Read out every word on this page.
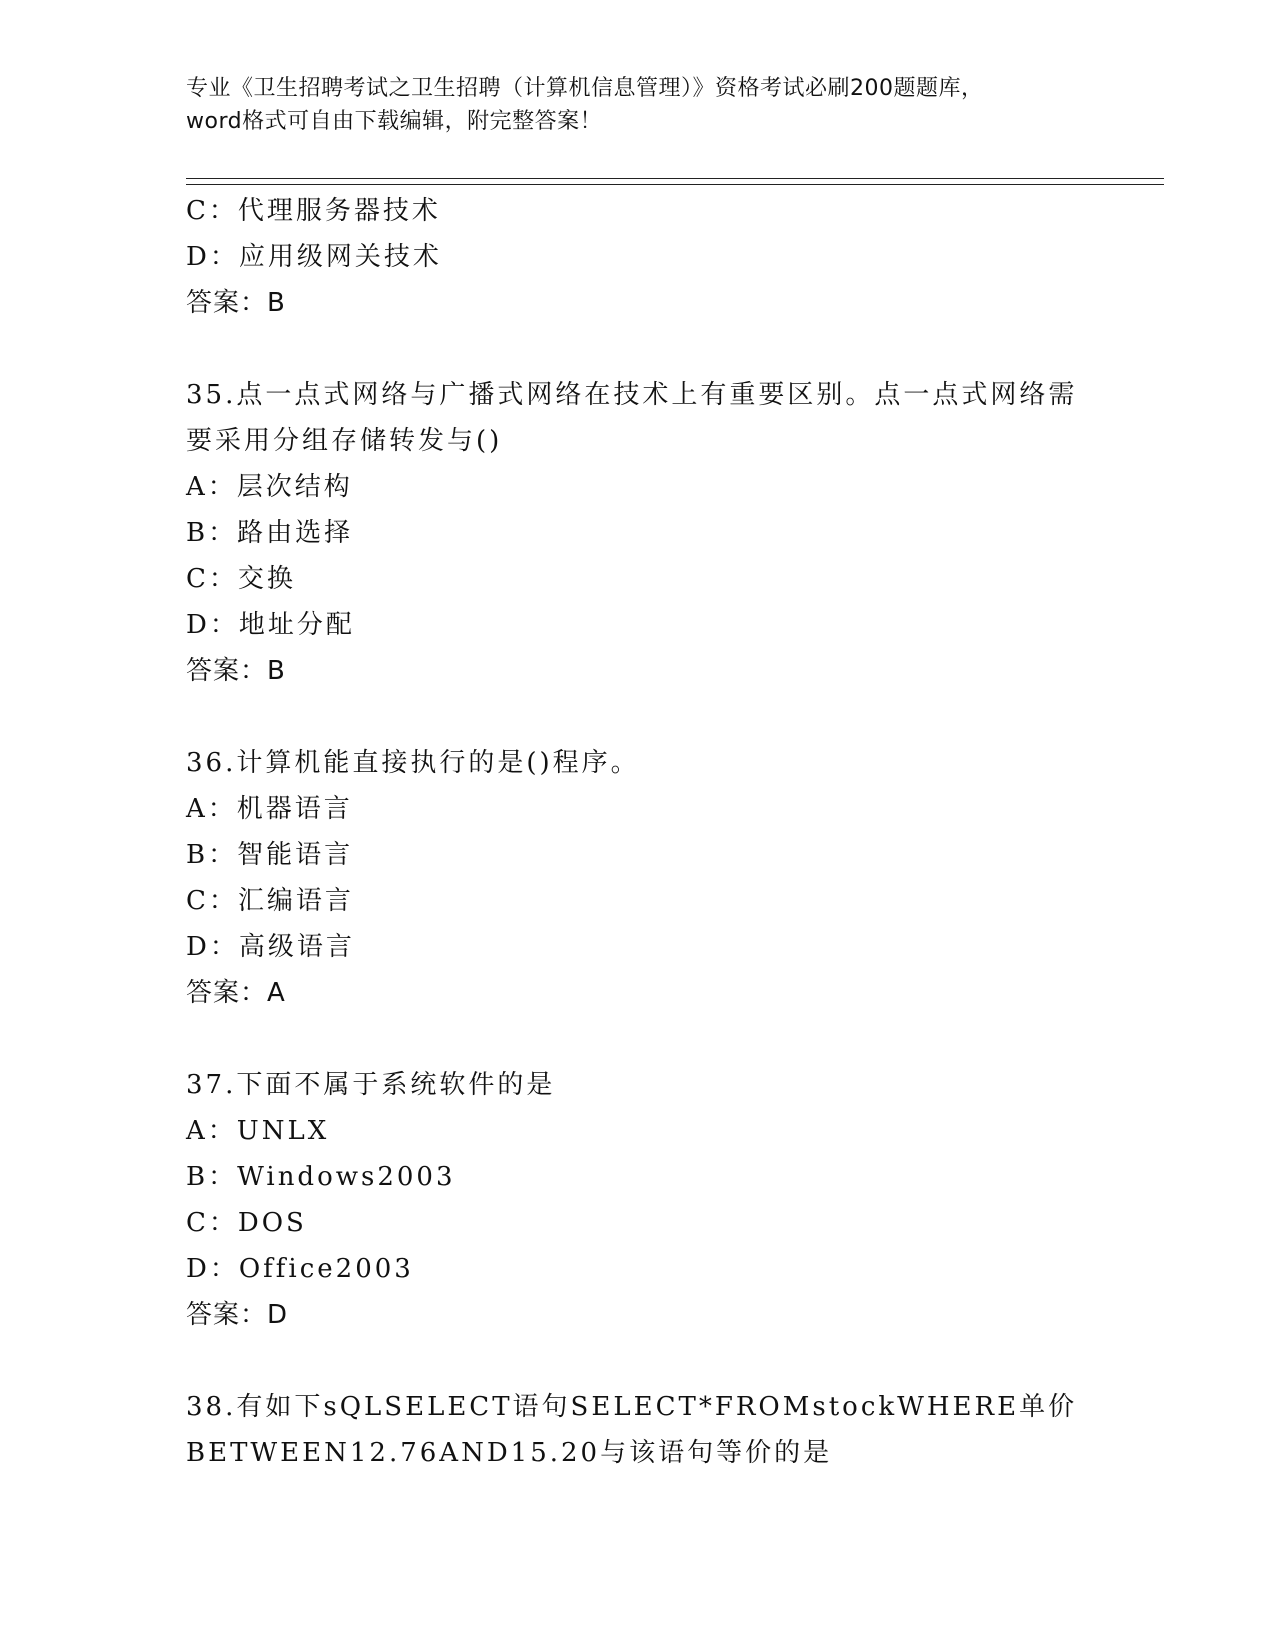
专业《卫生招聘考试之卫生招聘（计算机信息管理）》资格考试必刷200题题库，
word格式可自由下载编辑，附完整答案！
C：代理服务器技术
D：应用级网关技术
答案：B
35.点一点式网络与广播式网络在技术上有重要区别。点一点式网络需
要采用分组存储转发与()
A：层次结构
B：路由选择
C：交换
D：地址分配
答案：B
36.计算机能直接执行的是()程序。
A：机器语言
B：智能语言
C：汇编语言
D：高级语言
答案：A
37.下面不属于系统软件的是
A：UNLX
B：Windows2003
C：DOS
D：Office2003
答案：D
38.有如下sQLSELECT语句SELECT*FROMstockWHERE单价
BETWEEN12.76AND15.20与该语句等价的是
